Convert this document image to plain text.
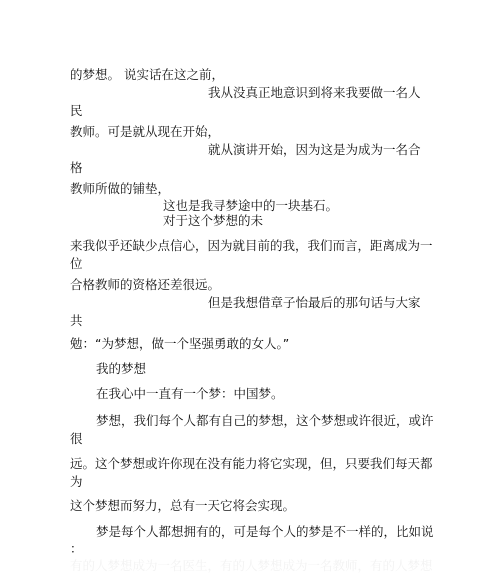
的梦想。 说实话在这之前，
我从没真正地意识到将来我要做一名人
民
教师。可是就从现在开始，
就从演讲开始，因为这是为成为一名合
格
教师所做的铺垫，
这也是我寻梦途中的一块基石。
对于这个梦想的未
来我似乎还缺少点信心，因为就目前的我，我们而言，距离成为一
位
合格教师的资格还差很远。
但是我想借章子怡最后的那句话与大家
共
勉：“为梦想，做一个坚强勇敢的女人。”
我的梦想
在我心中一直有一个梦：中国梦。
梦想，我们每个人都有自己的梦想，这个梦想或许很近，或许
很
远。这个梦想或许你现在没有能力将它实现，但，只要我们每天都
为
这个梦想而努力，总有一天它将会实现。
梦是每个人都想拥有的，可是每个人的梦是不一样的，比如说
：
有的人梦想成为一名医生，有的人梦想成为一名教师，有的人梦想
